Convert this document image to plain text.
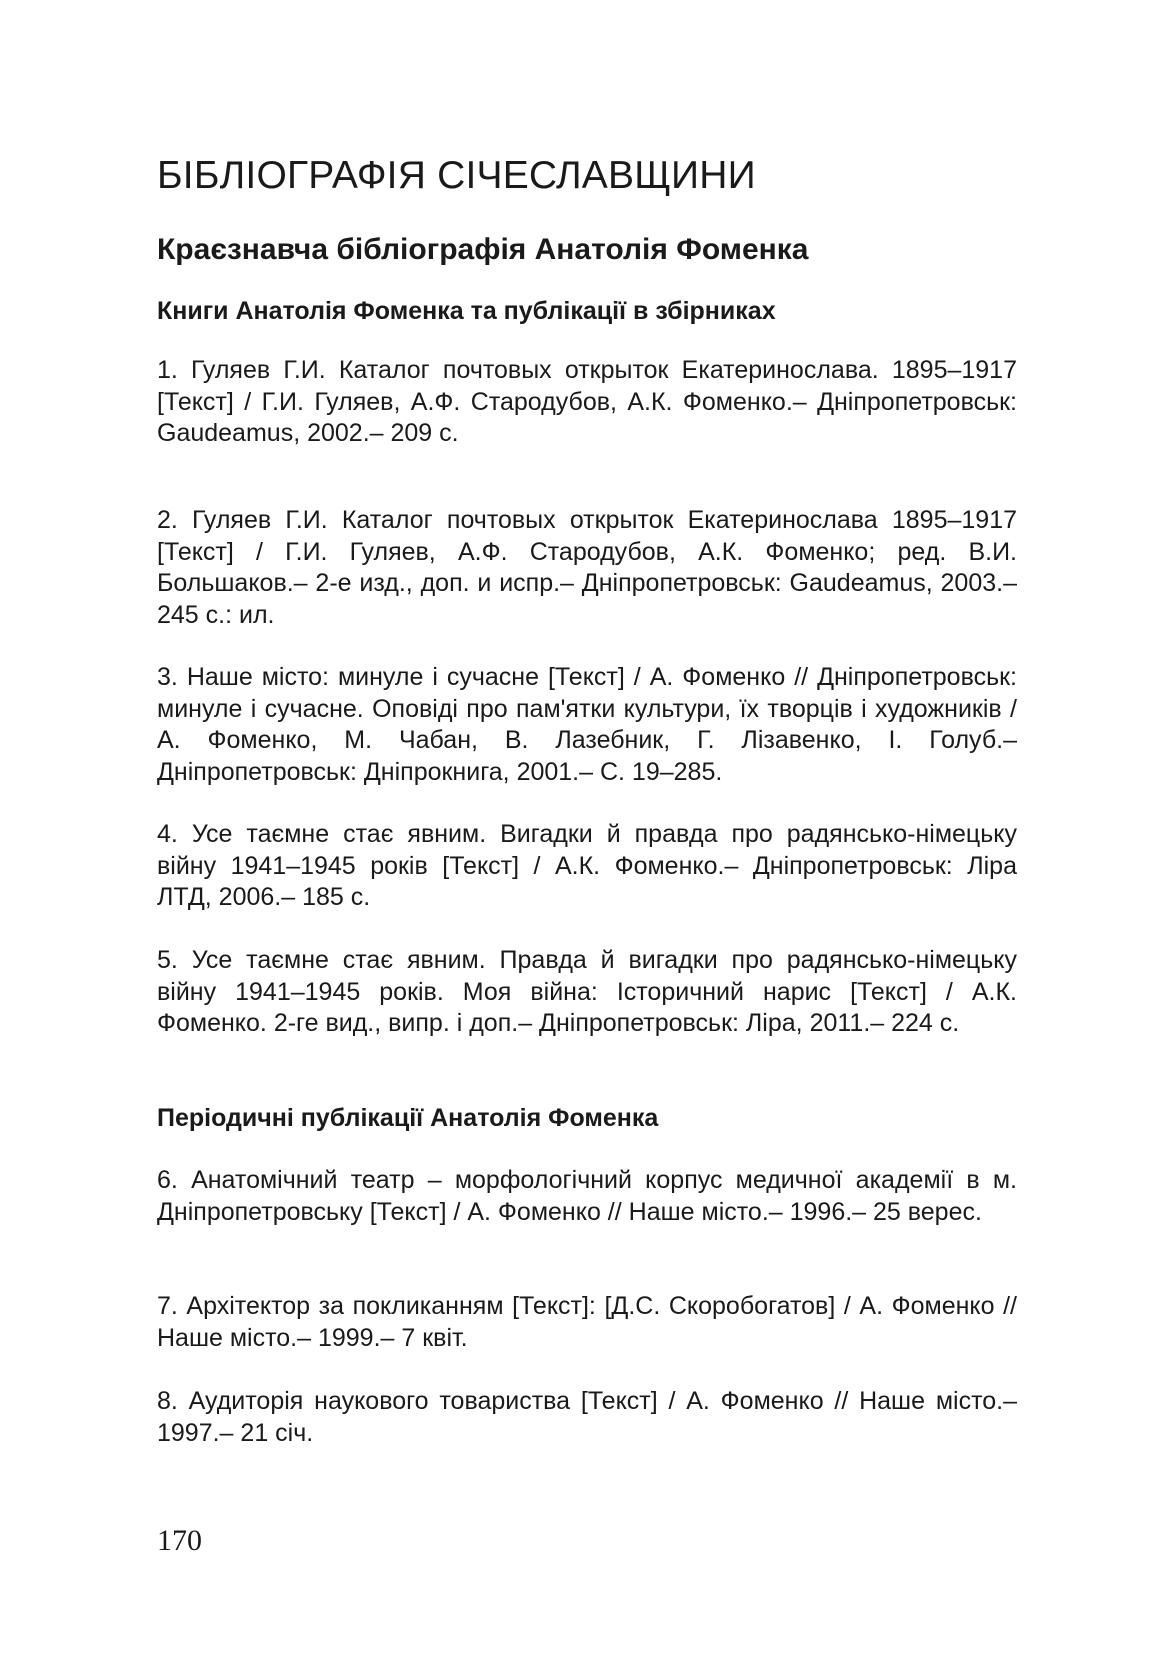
БІБЛІОГРАФІЯ СІЧЕСЛАВЩИНИ
Краєзнавча бібліографія Анатолія Фоменка
Книги Анатолія Фоменка та публікації в збірниках

1. Гуляев Г.И. Каталог почтовых открыток Екатеринослава. 1895–1917 [Текст] / Г.И. Гуляев, А.Ф. Стародубов, А.К. Фоменко.– Дніпропетровськ: Gaudeamus, 2002.– 209 с.

2. Гуляев Г.И. Каталог почтовых открыток Екатеринослава 1895–1917 [Текст] / Г.И. Гуляев, А.Ф. Стародубов, А.К. Фоменко; ред. В.И. Большаков.– 2-е изд., доп. и испр.– Дніпропетровськ: Gaudeamus, 2003.– 245 с.: ил.

3. Наше місто: минуле і сучасне [Текст] / А. Фоменко // Дніпропетровськ: минуле і сучасне. Оповіді про пам'ятки культури, їх творців і художників / А. Фоменко, М. Чабан, В. Лазебник, Г. Лізавенко, І. Голуб.– Дніпропетровськ: Дніпрокнига, 2001.– С. 19–285.

4. Усе таємне стає явним. Вигадки й правда про радянсько-німецьку війну 1941–1945 років [Текст] / А.К. Фоменко.– Дніпропетровськ: Ліра ЛТД, 2006.– 185 с.

5. Усе таємне стає явним. Правда й вигадки про радянсько-німецьку війну 1941–1945 років. Моя війна: Історичний нарис [Текст] / А.К. Фоменко. 2-ге вид., випр. і доп.– Дніпропетровськ: Ліра, 2011.– 224 с.

Періодичні публікації Анатолія Фоменка

6. Анатомічний театр – морфологічний корпус медичної академії в м. Дніпропетровську [Текст] / А. Фоменко // Наше місто.– 1996.– 25 верес.

7. Архітектор за покликанням [Текст]: [Д.С. Скоробогатов] / А. Фоменко // Наше місто.– 1999.– 7 квіт.

8. Аудиторія наукового товариства [Текст] / А. Фоменко // Наше місто.– 1997.– 21 січ.

170
